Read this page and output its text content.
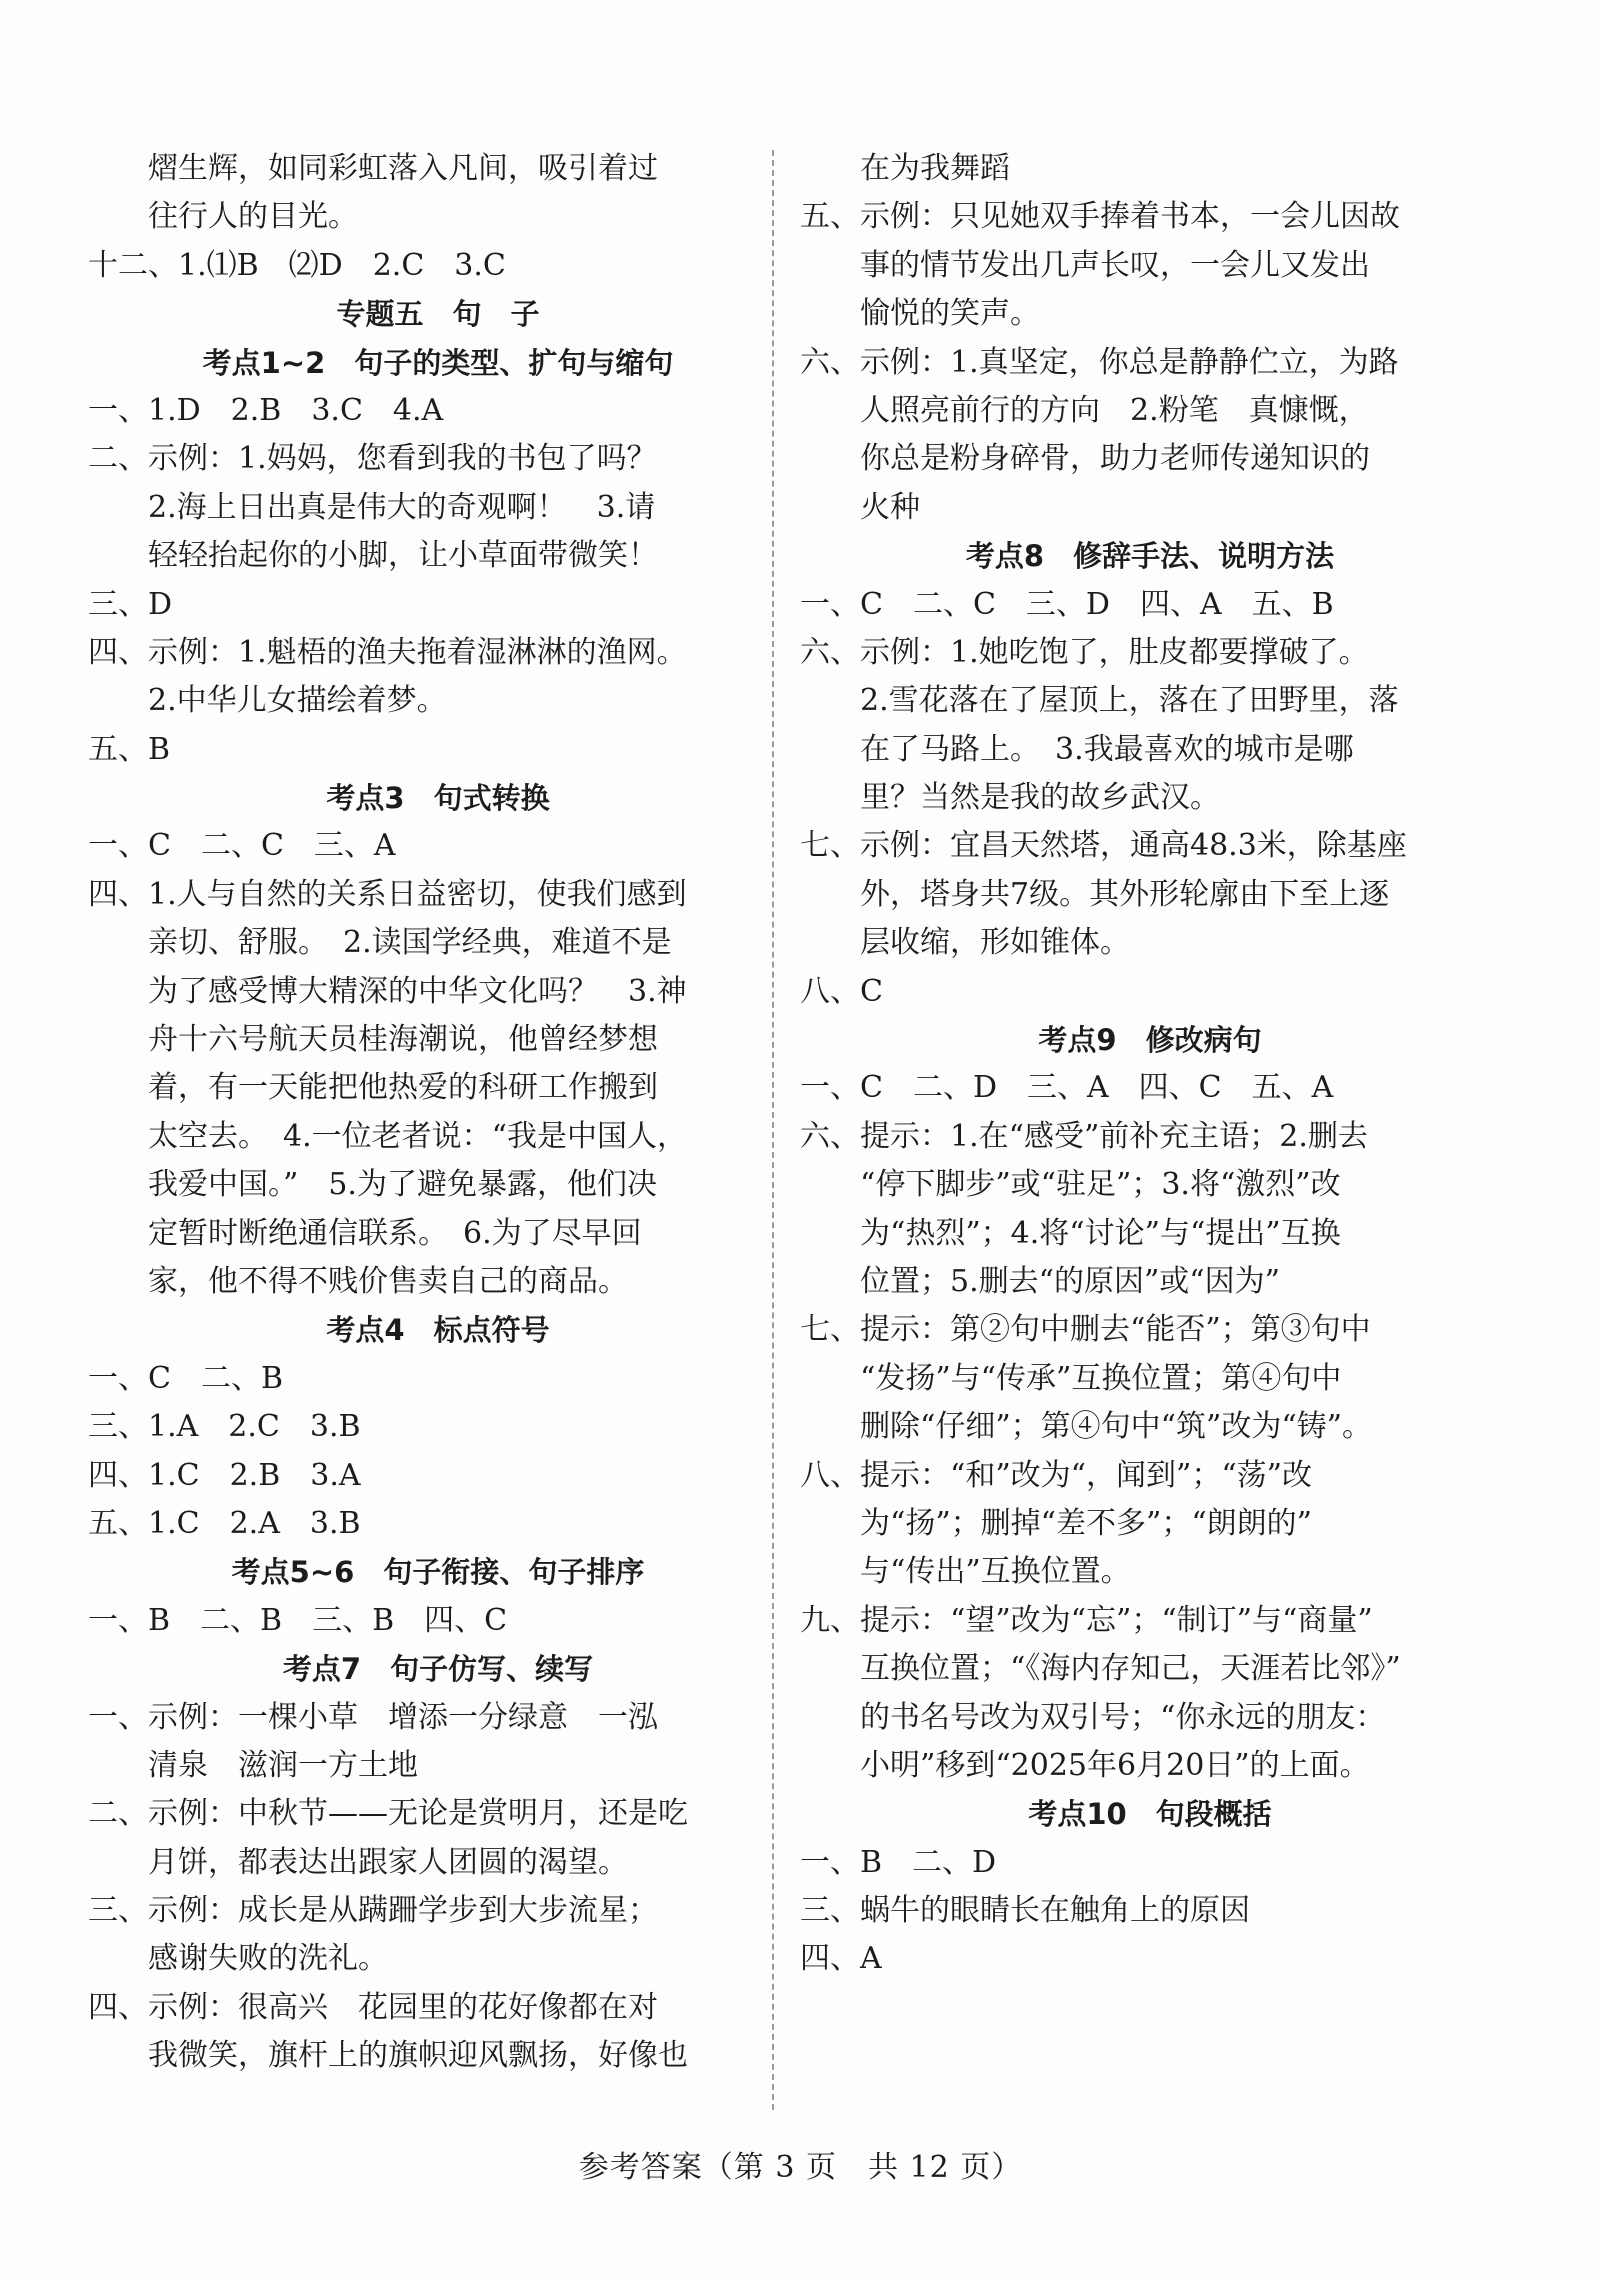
熠生辉，如同彩虹落入凡间，吸引着过
往行人的目光。
十二、1.⑴B　⑵D　2.C　3.C
专题五　句　子
考点1~2　句子的类型、扩句与缩句
一、1.D　2.B　3.C　4.A
二、示例：1.妈妈，您看到我的书包了吗？
2.海上日出真是伟大的奇观啊！　3.请
轻轻抬起你的小脚，让小草面带微笑！
三、D
四、示例：1.魁梧的渔夫拖着湿淋淋的渔网。
2.中华儿女描绘着梦。
五、B
考点3　句式转换
一、C　二、C　三、A
四、1.人与自然的关系日益密切，使我们感到
亲切、舒服。　2.读国学经典，难道不是
为了感受博大精深的中华文化吗？　3.神
舟十六号航天员桂海潮说，他曾经梦想
着，有一天能把他热爱的科研工作搬到
太空去。　4.一位老者说：“我是中国人，
我爱中国。”　5.为了避免暴露，他们决
定暂时断绝通信联系。　6.为了尽早回
家，他不得不贱价售卖自己的商品。
考点4　标点符号
一、C　二、B
三、1.A　2.C　3.B
四、1.C　2.B　3.A
五、1.C　2.A　3.B
考点5~6　句子衔接、句子排序
一、B　二、B　三、B　四、C
考点7　句子仿写、续写
一、示例：一棵小草　增添一分绿意　一泓
清泉　滋润一方土地
二、示例：中秋节——无论是赏明月，还是吃
月饼，都表达出跟家人团圆的渴望。
三、示例：成长是从蹒跚学步到大步流星；
感谢失败的洗礼。
四、示例：很高兴　花园里的花好像都在对
我微笑，旗杆上的旗帜迎风飘扬，好像也
在为我舞蹈
五、示例：只见她双手捧着书本，一会儿因故
事的情节发出几声长叹，一会儿又发出
愉悦的笑声。
六、示例：1.真坚定，你总是静静伫立，为路
人照亮前行的方向　2.粉笔　真慷慨，
你总是粉身碎骨，助力老师传递知识的
火种
考点8　修辞手法、说明方法
一、C　二、C　三、D　四、A　五、B
六、示例：1.她吃饱了，肚皮都要撑破了。
2.雪花落在了屋顶上，落在了田野里，落
在了马路上。　3.我最喜欢的城市是哪
里？当然是我的故乡武汉。
七、示例：宜昌天然塔，通高48.3米，除基座
外，塔身共7级。其外形轮廓由下至上逐
层收缩，形如锥体。
八、C
考点9　修改病句
一、C　二、D　三、A　四、C　五、A
六、提示：1.在“感受”前补充主语；2.删去
“停下脚步”或“驻足”；3.将“激烈”改
为“热烈”；4.将“讨论”与“提出”互换
位置；5.删去“的原因”或“因为”
七、提示：第②句中删去“能否”；第③句中
“发扬”与“传承”互换位置；第④句中
删除“仔细”；第④句中“筑”改为“铸”。
八、提示：“和”改为“，闻到”；“荡”改
为“扬”；删掉“差不多”；“朗朗的”
与“传出”互换位置。
九、提示：“望”改为“忘”；“制订”与“商量”
互换位置；“《海内存知己，天涯若比邻》”
的书名号改为双引号；“你永远的朋友：
小明”移到“2025年6月20日”的上面。
考点10　句段概括
一、B　二、D
三、蜗牛的眼睛长在触角上的原因
四、A
参考答案（第 3 页　共 12 页）
